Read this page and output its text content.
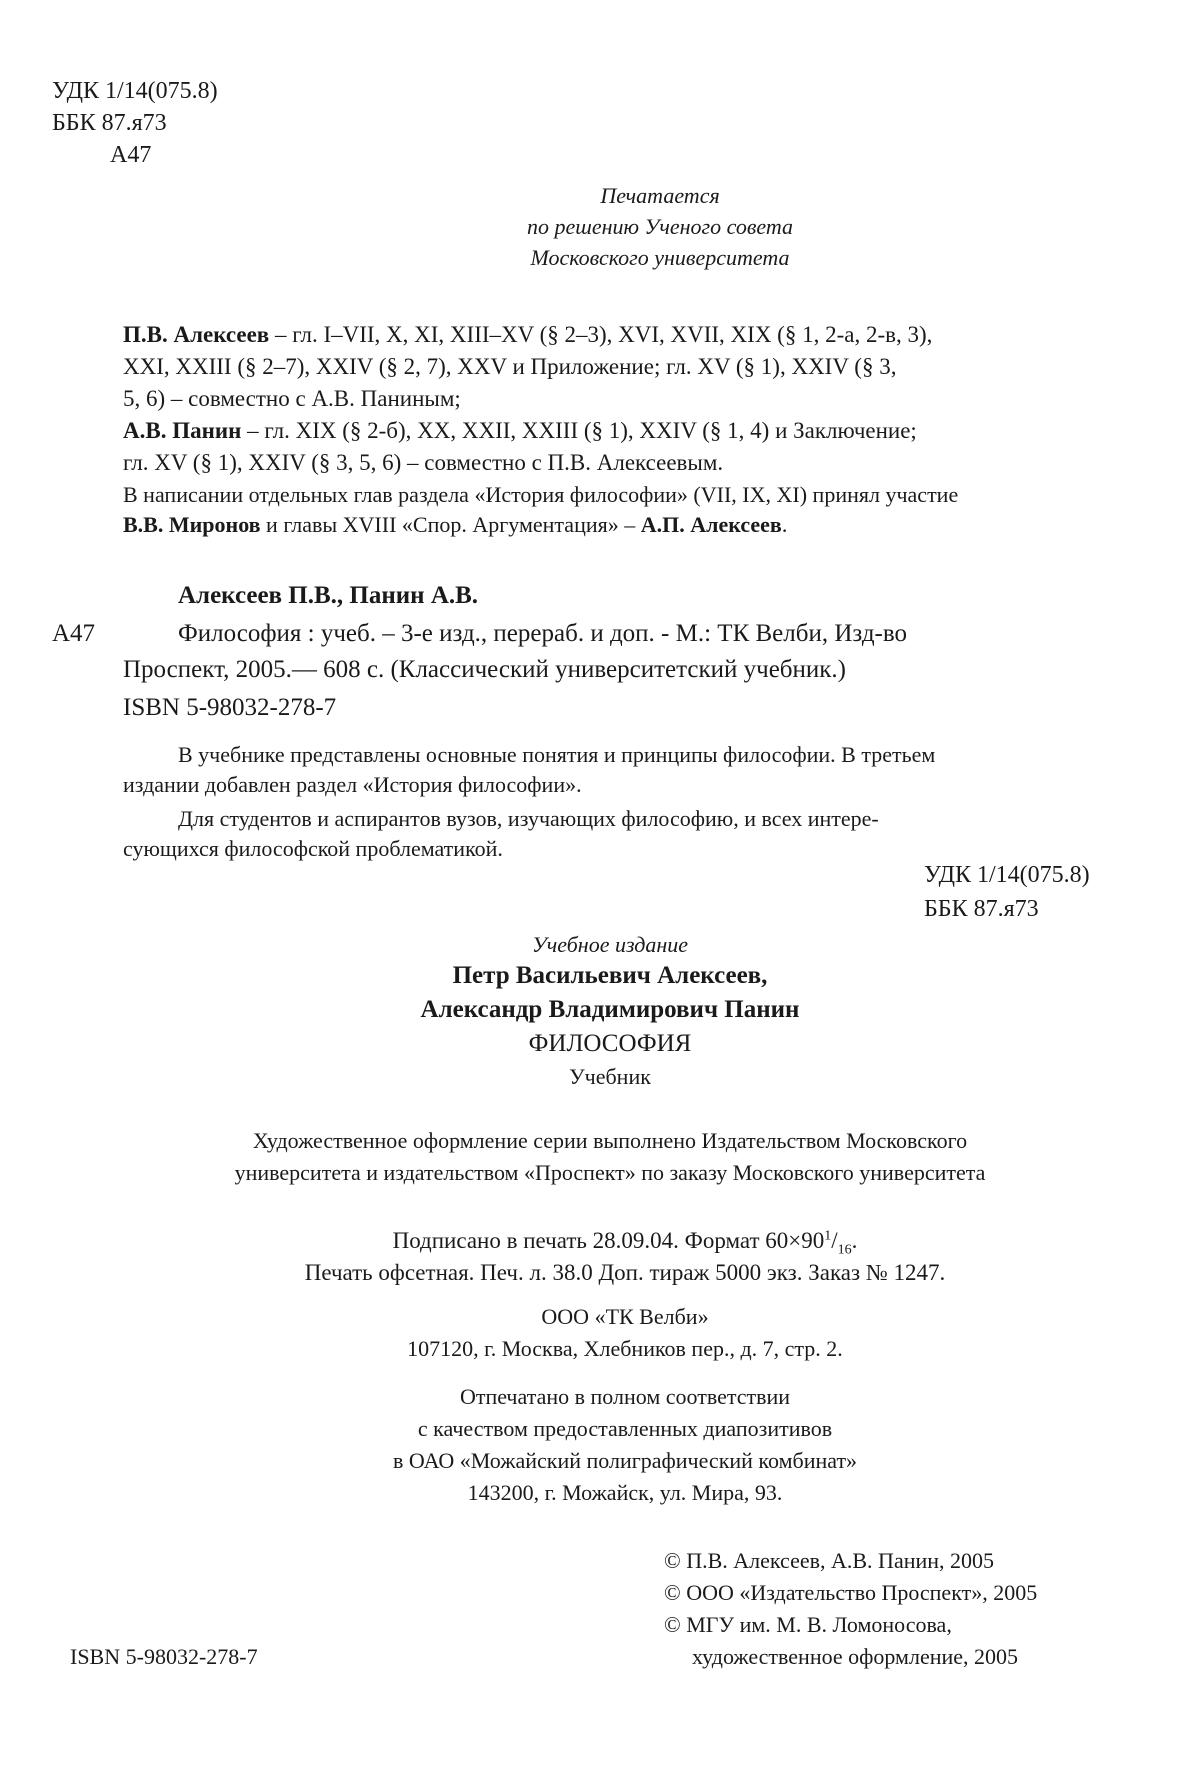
УДК 1/14(075.8)
ББК 87.я73
А47
Печатается
по решению Ученого совета
Московского университета
П.В. Алексеев – гл. I–VII, X, XI, XIII–XV (§ 2–3), XVI, XVII, XIX (§ 1, 2-а, 2-в, 3),
XXI, XXIII (§ 2–7), XXIV (§ 2, 7), XXV и Приложение; гл. XV (§ 1), XXIV (§ 3,
5, 6) – совместно с А.В. Паниным;
А.В. Панин – гл. XIX (§ 2-б), XX, XXII, XXIII (§ 1), XXIV (§ 1, 4) и Заключение;
гл. XV (§ 1), XXIV (§ 3, 5, 6) – совместно с П.В. Алексеевым.
В написании отдельных глав раздела «История философии» (VII, IX, XI) принял участие
В.В. Миронов и главы XVIII «Спор. Аргументация» – А.П. Алексеев.
Алексеев П.В., Панин А.В.
А47	Философия : учеб. – 3-е изд., перераб. и доп. - М.: ТК Велби, Изд-во
Проспект, 2005.— 608 с. (Классический университетский учебник.)
ISBN 5-98032-278-7
В учебнике представлены основные понятия и принципы философии. В третьем
издании добавлен раздел «История философии».
Для студентов и аспирантов вузов, изучающих философию, и всех интере-
сующихся философской проблематикой.
УДК 1/14(075.8)
ББК 87.я73
Учебное издание
Петр Васильевич Алексеев,
Александр Владимирович Панин
ФИЛОСОФИЯ
Учебник
Художественное оформление серии выполнено Издательством Московского
университета и издательством «Проспект» по заказу Московского университета
Подписано в печать 28.09.04. Формат $60\times 90^1/_{16}$.
Печать офсетная. Печ. л. 38.0 Доп. тираж 5000 экз. Заказ № 1247.
ООО «ТК Велби»
107120, г. Москва, Хлебников пер., д. 7, стр. 2.
Отпечатано в полном соответствии
с качеством предоставленных диапозитивов
в ОАО «Можайский полиграфический комбинат»
143200, г. Можайск, ул. Мира, 93.
© П.В. Алексеев, А.В. Панин, 2005
© ООО «Издательство Проспект», 2005
© МГУ им. М. В. Ломоносова,
художественное оформление, 2005
ISBN 5-98032-278-7
